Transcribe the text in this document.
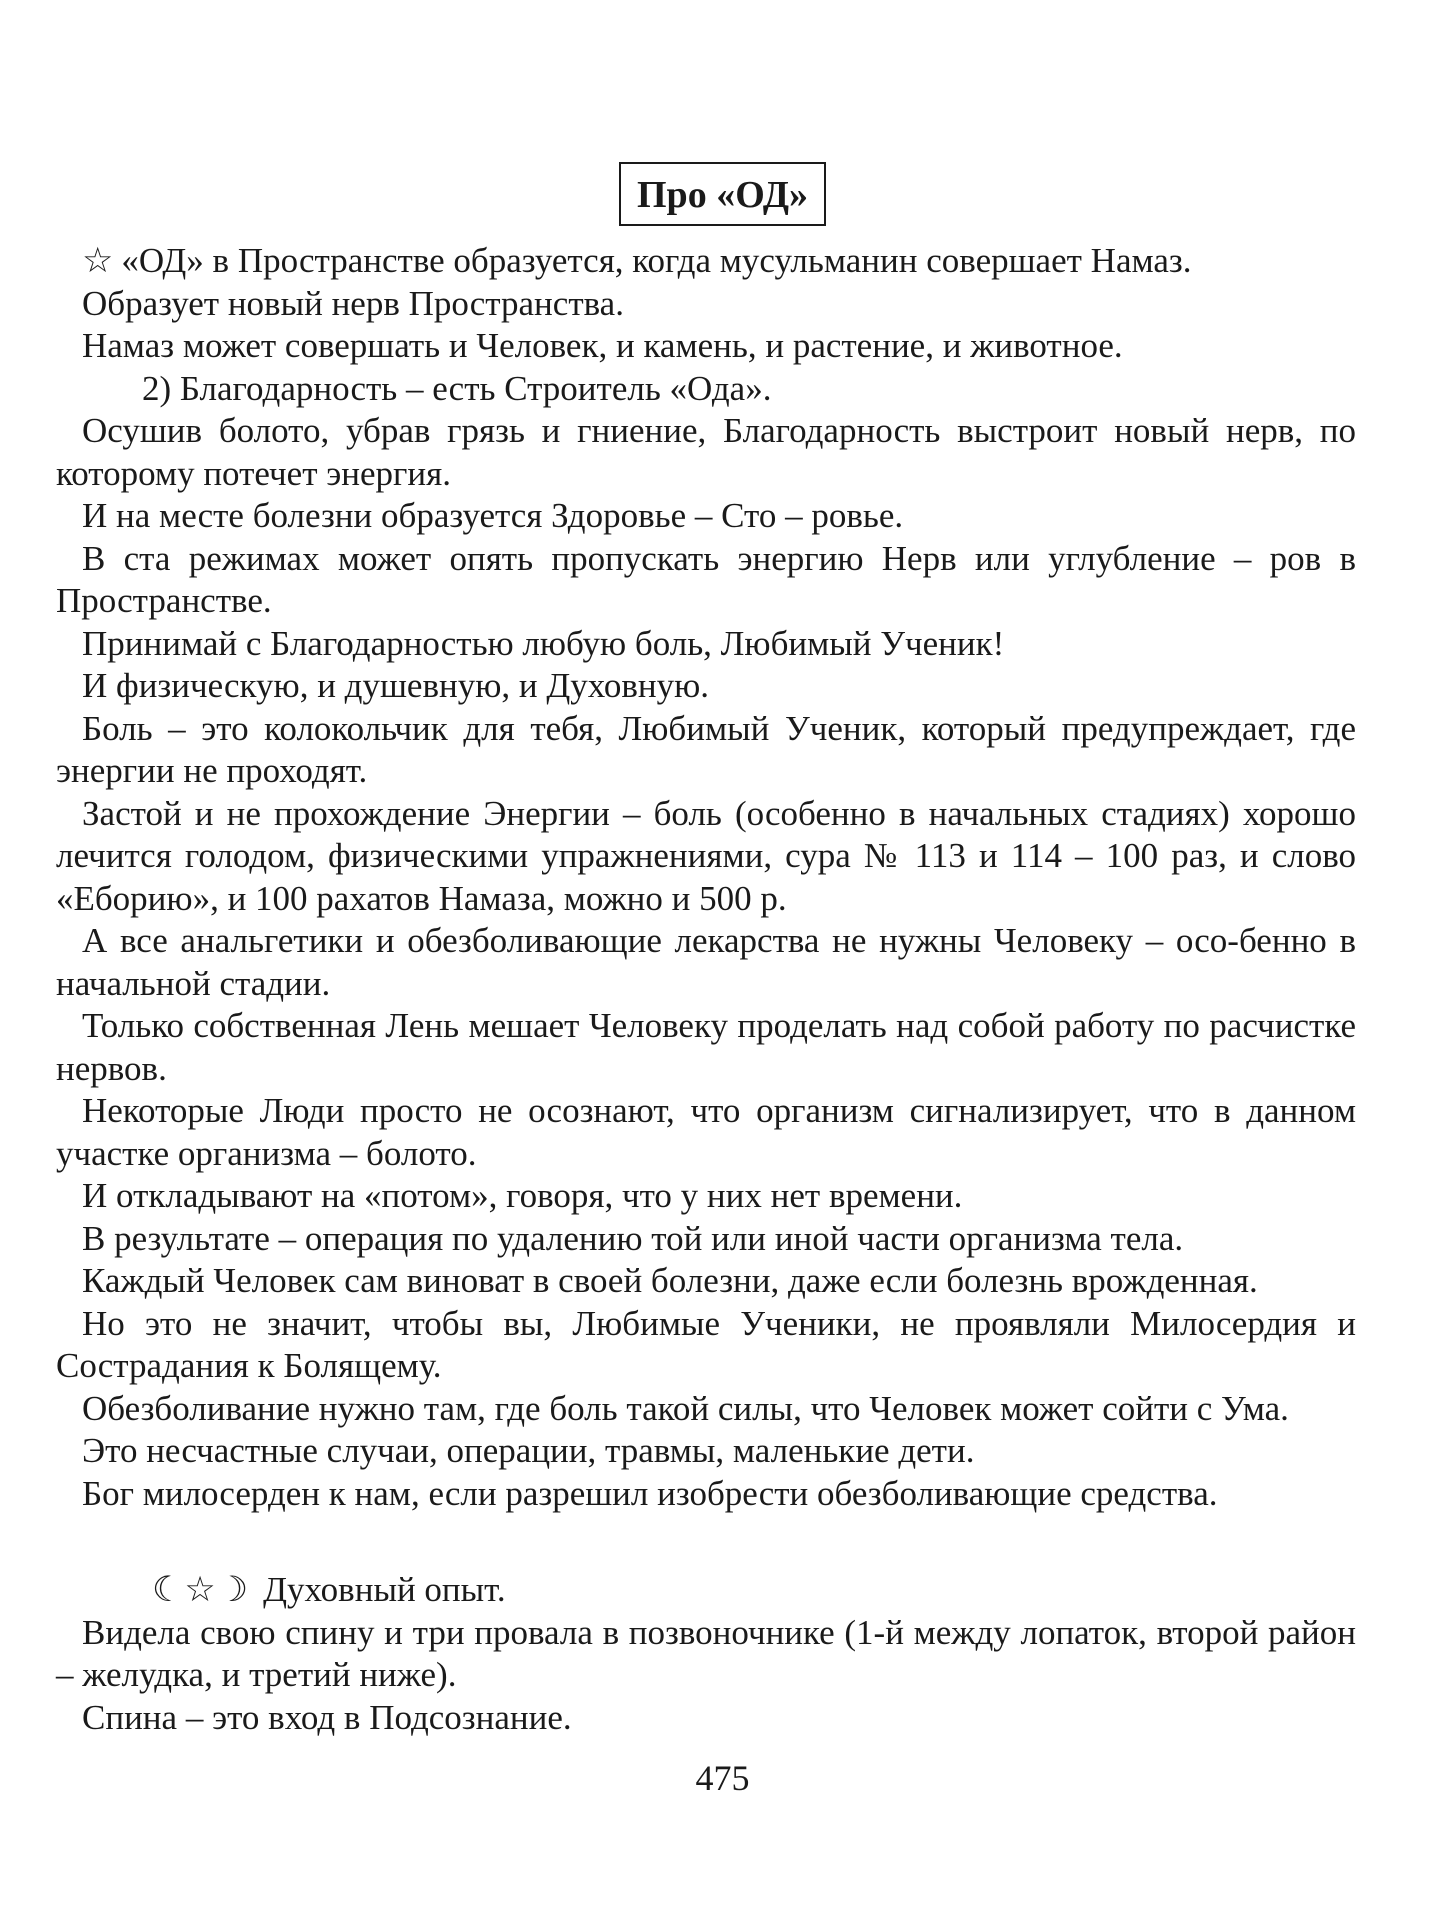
Про «ОД»

☆ «ОД» в Пространстве образуется, когда мусульманин совершает Намаз.

Образует новый нерв Пространства.

Намаз может совершать и Человек, и камень, и растение, и животное.

2) Благодарность – есть Строитель «Ода».

Осушив болото, убрав грязь и гниение, Благодарность выстроит новый нерв, по которому потечет энергия.

И на месте болезни образуется Здоровье – Сто – ровье.

В ста режимах может опять пропускать энергию Нерв или углубление – ров в Пространстве.

Принимай с Благодарностью любую боль, Любимый Ученик!

И физическую, и душевную, и Духовную.

Боль – это колокольчик для тебя, Любимый Ученик, который предупреждает, где энергии не проходят.

Застой и не прохождение Энергии – боль (особенно в начальных стадиях) хорошо лечится голодом, физическими упражнениями, сура № 113 и 114 – 100 раз, и слово «Еборию», и 100 рахатов Намаза, можно и 500 р.

А все анальгетики и обезболивающие лекарства не нужны Человеку – осо-бенно в начальной стадии.

Только собственная Лень мешает Человеку проделать над собой работу по расчистке нервов.

Некоторые Люди просто не осознают, что организм сигнализирует, что в данном участке организма – болото.

И откладывают на «потом», говоря, что у них нет времени.

В результате – операция по удалению той или иной части организма тела.

Каждый Человек сам виноват в своей болезни, даже если болезнь врожденная.

Но это не значит, чтобы вы, Любимые Ученики, не проявляли Милосердия и Сострадания к Болящему.

Обезболивание нужно там, где боль такой силы, что Человек может сойти с Ума.

Это несчастные случаи, операции, травмы, маленькие дети.

Бог милосерден к нам, если разрешил изобрести обезболивающие средства.

☾☆☽ Духовный опыт.

Видела свою спину и три провала в позвоночнике (1-й между лопаток, второй район – желудка, и третий ниже).

Спина – это вход в Подсознание.

475
